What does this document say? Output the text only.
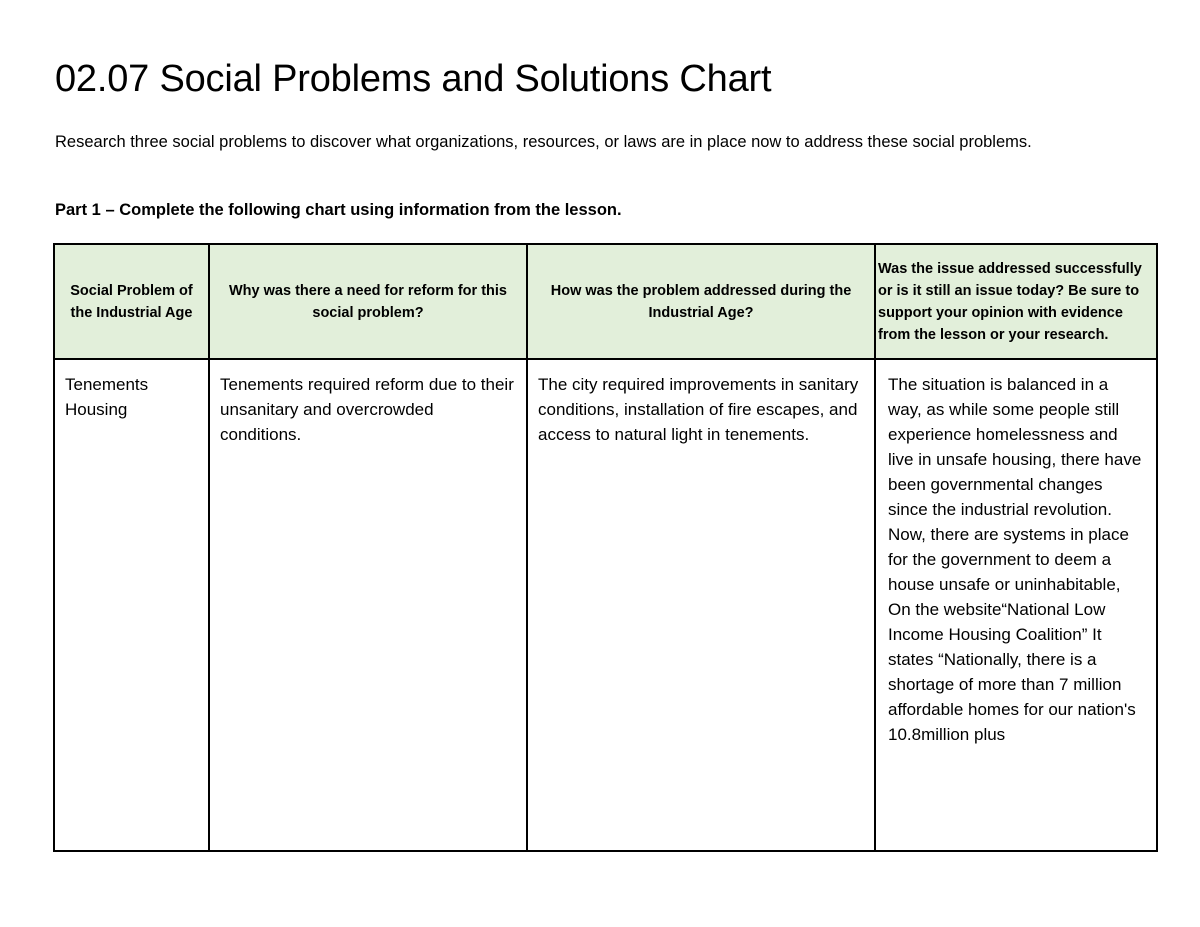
02.07 Social Problems and Solutions Chart

Research three social problems to discover what organizations, resources, or laws are in place now to address these social problems.

Part 1 – Complete the following chart using information from the lesson.

Social Problem of the Industrial Age	Why was there a need for reform for this social problem?	How was the problem addressed during the Industrial Age?	Was the issue addressed successfully or is it still an issue today? Be sure to support your opinion with evidence from the lesson or your research.
Tenements Housing	Tenements required reform due to their unsanitary and overcrowded conditions.	The city required improvements in sanitary conditions, installation of fire escapes, and access to natural light in tenements.	The situation is balanced in a way, as while some people still experience homelessness and live in unsafe housing, there have been governmental changes since the industrial revolution. Now, there are systems in place for the government to deem a house unsafe or uninhabitable, On the website“National Low Income Housing Coalition” It states “Nationally, there is a shortage of more than 7 million affordable homes for our nation's 10.8million plus
